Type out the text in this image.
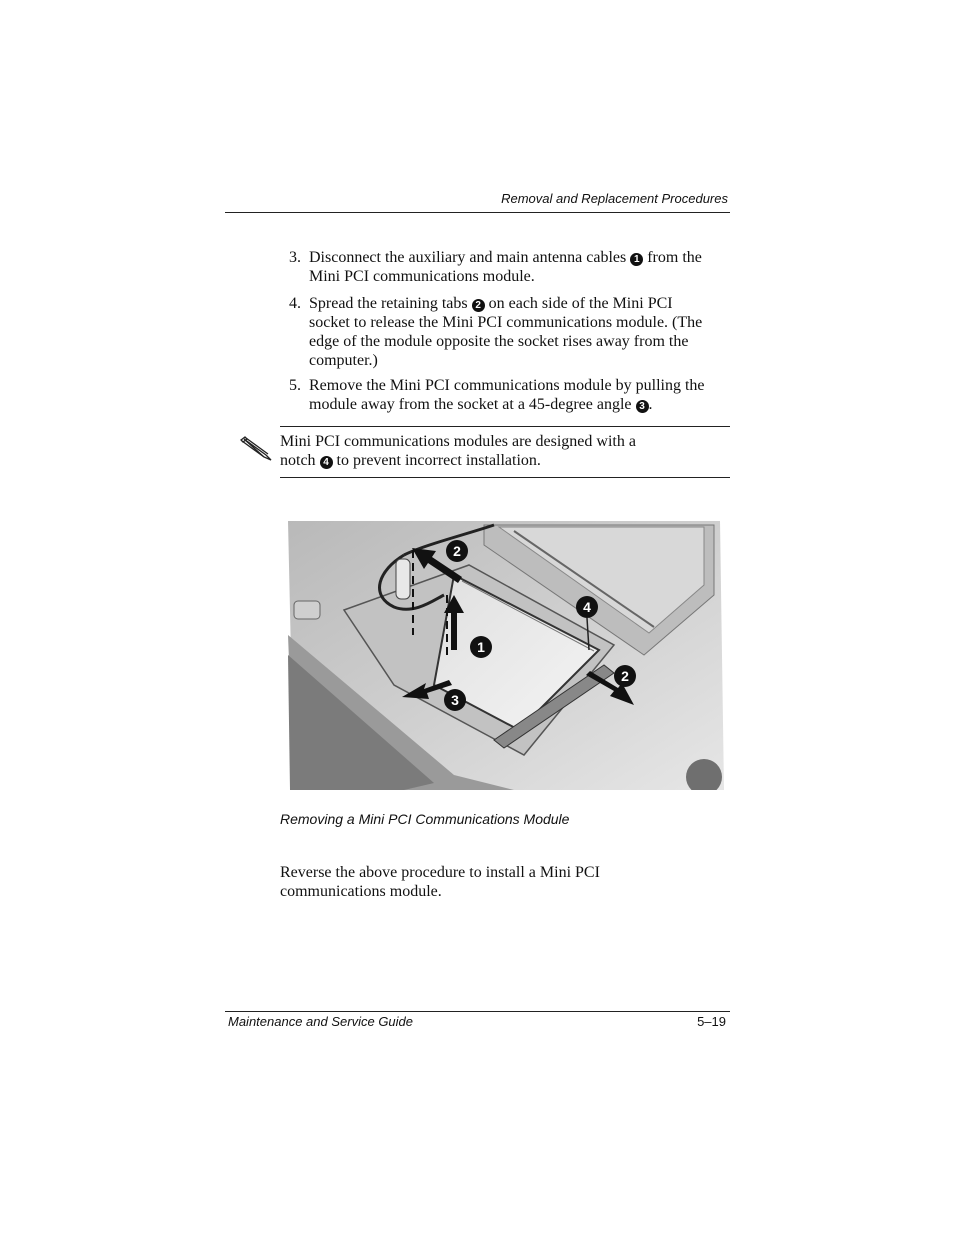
Removal and Replacement Procedures
3. Disconnect the auxiliary and main antenna cables 1 from the
Mini PCI communications module.
4. Spread the retaining tabs 2 on each side of the Mini PCI
socket to release the Mini PCI communications module. (The
edge of the module opposite the socket rises away from the
computer.)
5. Remove the Mini PCI communications module by pulling the
module away from the socket at a 45-degree angle 3 .
Mini PCI communications modules are designed with a
notch 4 to prevent incorrect installation.
2
4
1
2
3
Removing a Mini PCI Communications Module
Reverse the above procedure to install a Mini PCI
communications module.
Maintenance and Service Guide	5–19
